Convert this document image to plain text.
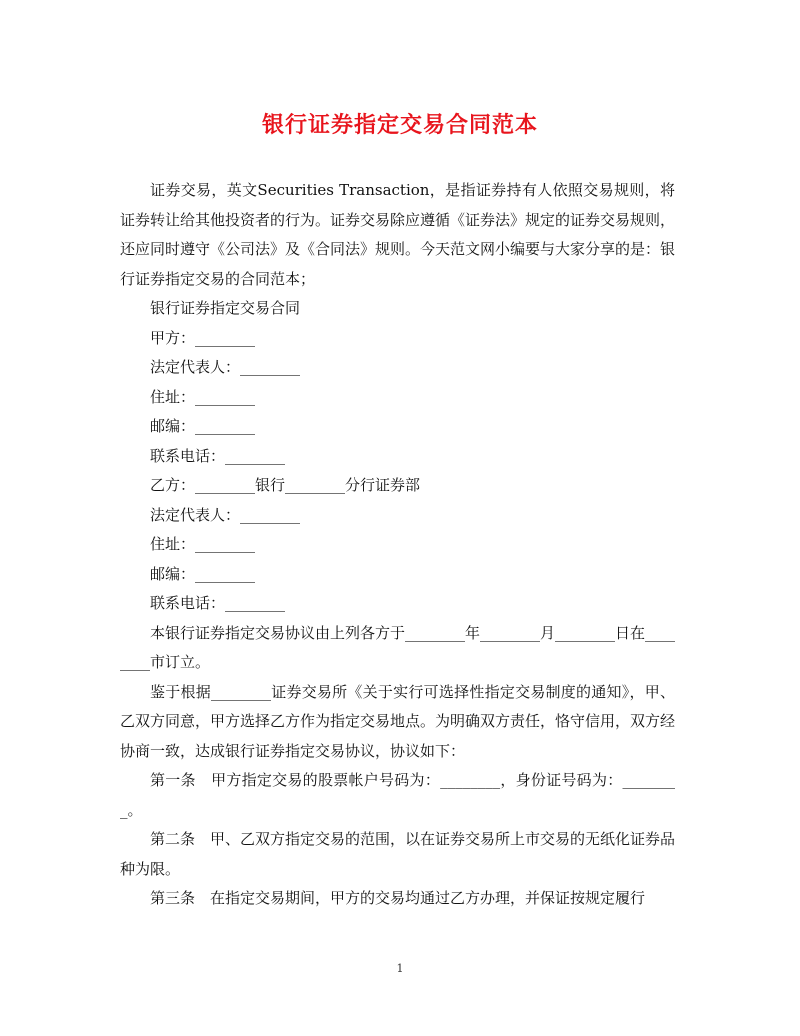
银行证券指定交易合同范本

证券交易，英文Securities Transaction，是指证券持有人依照交易规则，将证券转让给其他投资者的行为。证券交易除应遵循《证券法》规定的证券交易规则，还应同时遵守《公司法》及《合同法》规则。今天范文网小编要与大家分享的是：银行证券指定交易的合同范本；

银行证券指定交易合同

甲方：________

法定代表人：________

住址：________

邮编：________

联系电话：________

乙方：________银行________分行证券部

法定代表人：________

住址：________

邮编：________

联系电话：________

本银行证券指定交易协议由上列各方于________年________月________日在________市订立。

鉴于根据________证券交易所《关于实行可选择性指定交易制度的通知》，甲、乙双方同意，甲方选择乙方作为指定交易地点。为明确双方责任，恪守信用，双方经协商一致，达成银行证券指定交易协议，协议如下：

第一条　甲方指定交易的股票帐户号码为：________，身份证号码为：________。

第二条　甲、乙双方指定交易的范围，以在证券交易所上市交易的无纸化证券品种为限。

第三条　在指定交易期间，甲方的交易均通过乙方办理，并保证按规定履行

1
